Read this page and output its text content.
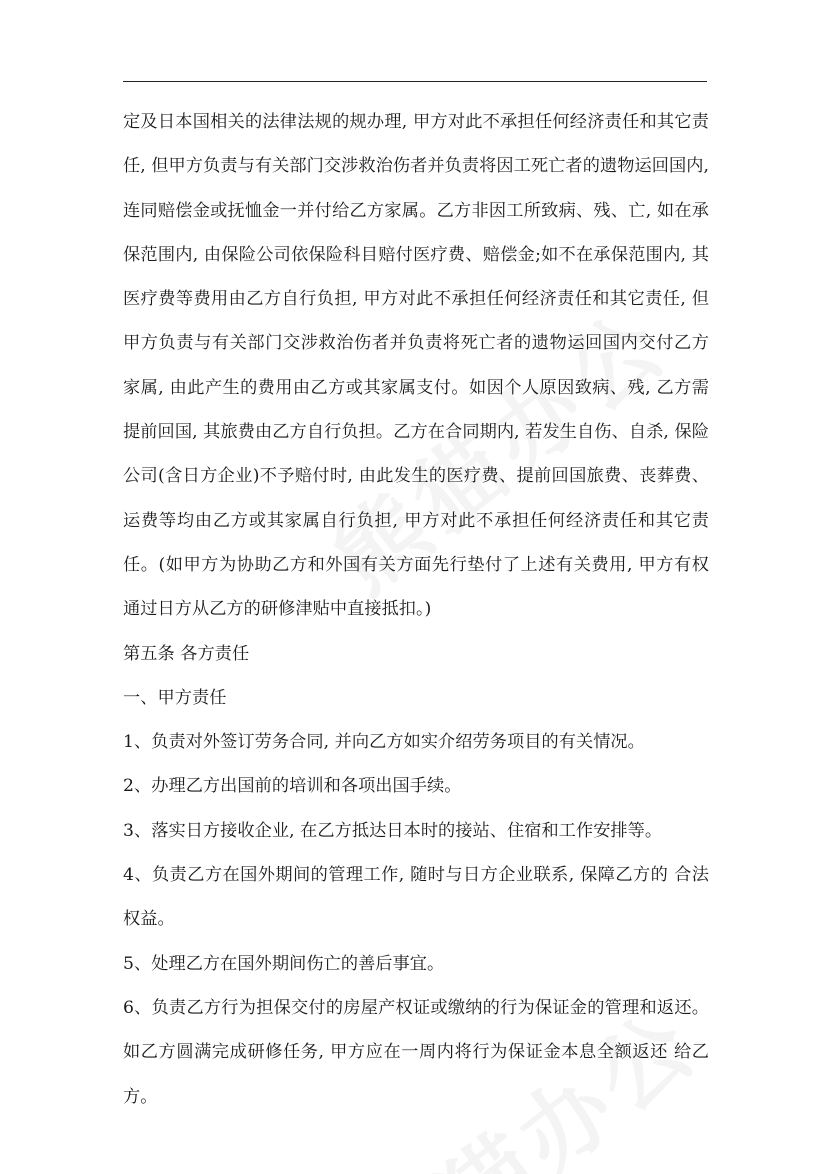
定及日本国相关的法律法规的规办理, 甲方对此不承担任何经济责任和其它责任, 但甲方负责与有关部门交涉救治伤者并负责将因工死亡者的遗物运回国内, 连同赔偿金或抚恤金一并付给乙方家属。乙方非因工所致病、残、亡, 如在承保范围内, 由保险公司依保险科目赔付医疗费、赔偿金;如不在承保范围内, 其医疗费等费用由乙方自行负担, 甲方对此不承担任何经济责任和其它责任, 但甲方负责与有关部门交涉救治伤者并负责将死亡者的遗物运回国内交付乙方家属, 由此产生的费用由乙方或其家属支付。如因个人原因致病、残, 乙方需提前回国, 其旅费由乙方自行负担。乙方在合同期内, 若发生自伤、自杀, 保险公司(含日方企业)不予赔付时, 由此发生的医疗费、提前回国旅费、丧葬费、运费等均由乙方或其家属自行负担, 甲方对此不承担任何经济责任和其它责任。(如甲方为协助乙方和外国有关方面先行垫付了上述有关费用, 甲方有权通过日方从乙方的研修津贴中直接抵扣。)

第五条 各方责任

一、甲方责任

1、负责对外签订劳务合同, 并向乙方如实介绍劳务项目的有关情况。

2、办理乙方出国前的培训和各项出国手续。

3、落实日方接收企业, 在乙方抵达日本时的接站、住宿和工作安排等。

4、负责乙方在国外期间的管理工作, 随时与日方企业联系, 保障乙方的 合法权益。

5、处理乙方在国外期间伤亡的善后事宜。

6、负责乙方行为担保交付的房屋产权证或缴纳的行为保证金的管理和返还。如乙方圆满完成研修任务, 甲方应在一周内将行为保证金本息全额返还 给乙方。
